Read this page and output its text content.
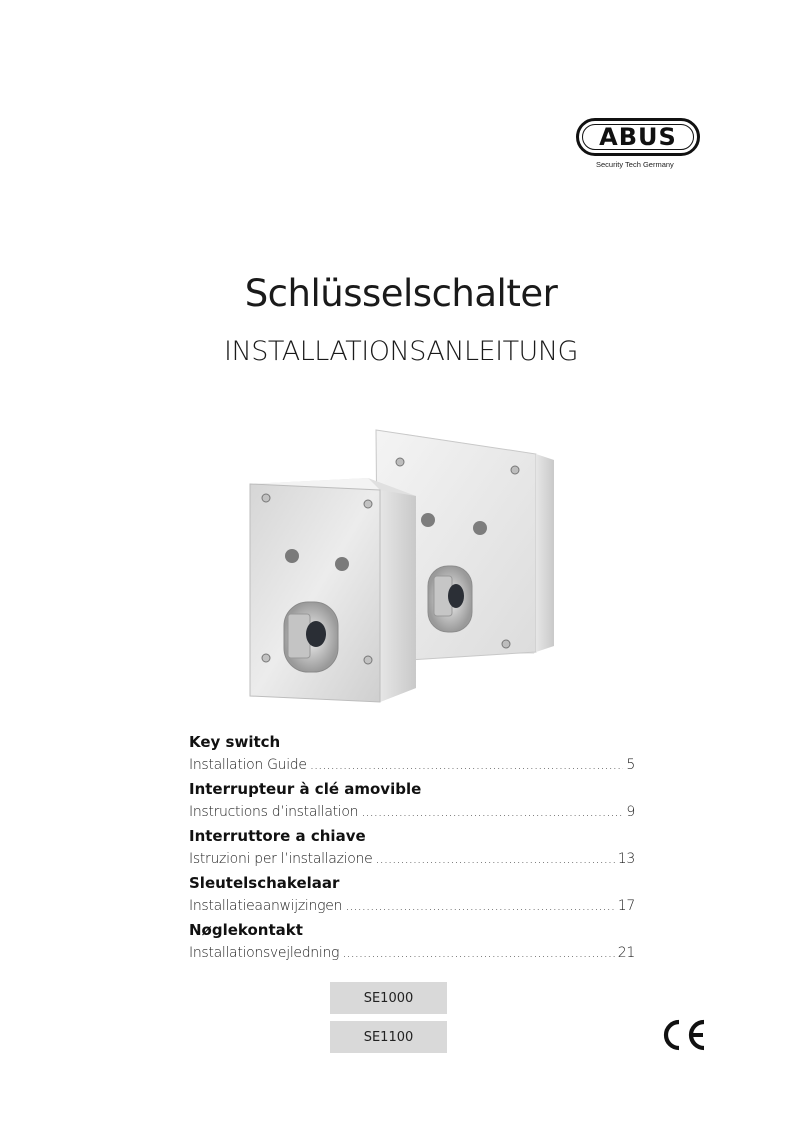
ABUS
Security Tech Germany
Schlüsselschalter
INSTALLATIONSANLEITUNG
Key switch
Installation Guide .....	5
Interrupteur à clé amovible
Instructions d’installation .....	9
Interruttore a chiave
Istruzioni per l’installazione .....	13
Sleutelschakelaar
Installatieaanwijzingen .....	17
Nøglekontakt
Installationsvejledning .....	21
SE1000
SE1100
